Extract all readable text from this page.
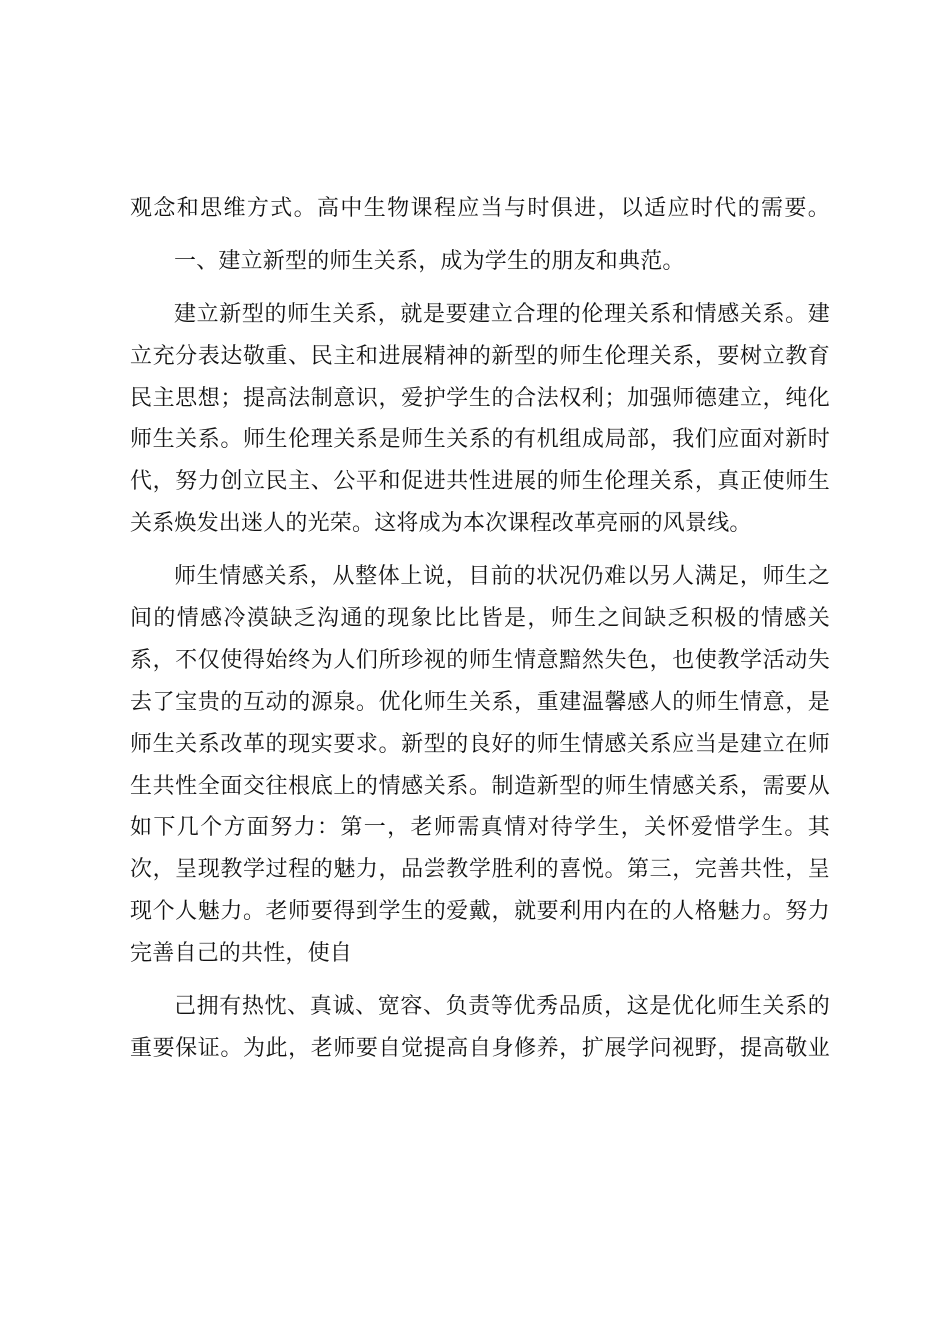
观念和思维方式。高中生物课程应当与时俱进，以适应时代的需要。
一、建立新型的师生关系，成为学生的朋友和典范。
建立新型的师生关系，就是要建立合理的伦理关系和情感关系。建
立充分表达敬重、民主和进展精神的新型的师生伦理关系，要树立教育
民主思想；提高法制意识，爱护学生的合法权利；加强师德建立，纯化
师生关系。师生伦理关系是师生关系的有机组成局部，我们应面对新时
代，努力创立民主、公平和促进共性进展的师生伦理关系，真正使师生
关系焕发出迷人的光荣。这将成为本次课程改革亮丽的风景线。
师生情感关系，从整体上说，目前的状况仍难以另人满足，师生之
间的情感冷漠缺乏沟通的现象比比皆是，师生之间缺乏积极的情感关
系，不仅使得始终为人们所珍视的师生情意黯然失色，也使教学活动失
去了宝贵的互动的源泉。优化师生关系，重建温馨感人的师生情意，是
师生关系改革的现实要求。新型的良好的师生情感关系应当是建立在师
生共性全面交往根底上的情感关系。制造新型的师生情感关系，需要从
如下几个方面努力：第一，老师需真情对待学生，关怀爱惜学生。其
次，呈现教学过程的魅力，品尝教学胜利的喜悦。第三，完善共性，呈
现个人魅力。老师要得到学生的爱戴，就要利用内在的人格魅力。努力
完善自己的共性，使自
己拥有热忱、真诚、宽容、负责等优秀品质，这是优化师生关系的
重要保证。为此，老师要自觉提高自身修养，扩展学问视野，提高敬业
